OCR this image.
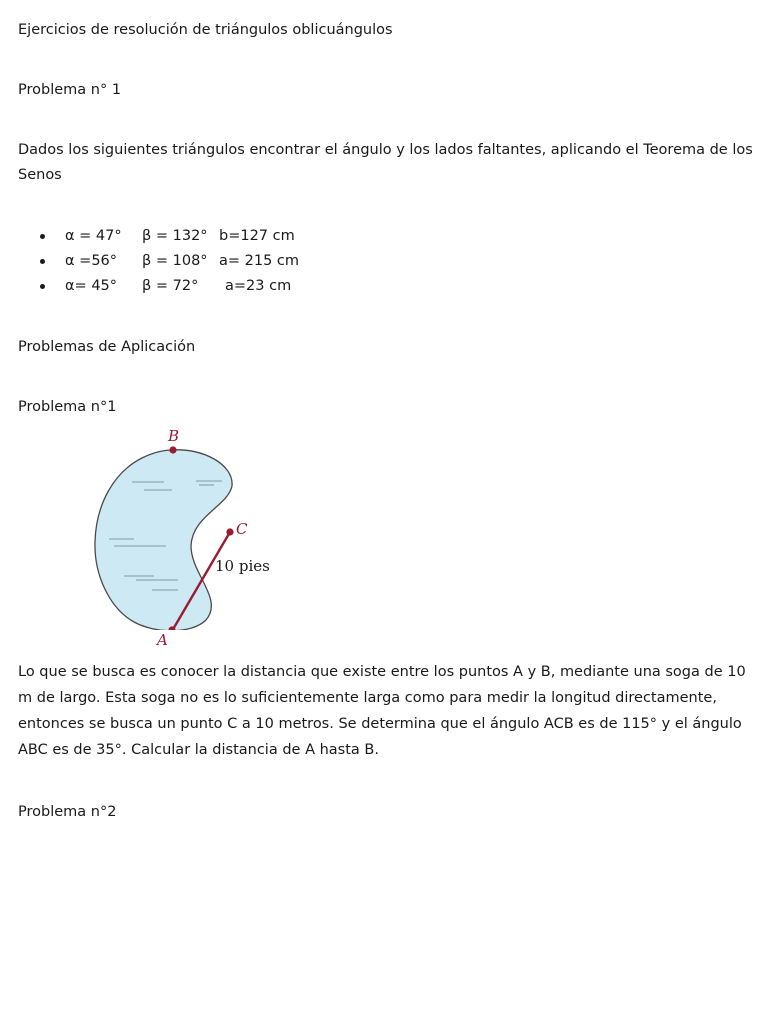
Ejercicios de resolución de triángulos oblicuángulos
Problema n° 1
Dados los siguientes triángulos encontrar el ángulo y los lados faltantes, aplicando el Teorema de los Senos
α = 47° β = 132° b=127 cm
α =56° β = 108° a= 215 cm
α= 45° β = 72° a=23 cm
Problemas de Aplicación
Problema n°1
B
C
10 pies
A
Lo que se busca es conocer la distancia que existe entre los puntos A y B, mediante una soga de 10 m de largo. Esta soga no es lo suficientemente larga como para medir la longitud directamente, entonces se busca un punto C a 10 metros. Se determina que el ángulo ACB es de 115° y el ángulo ABC es de 35°. Calcular la distancia de A hasta B.
Problema n°2
